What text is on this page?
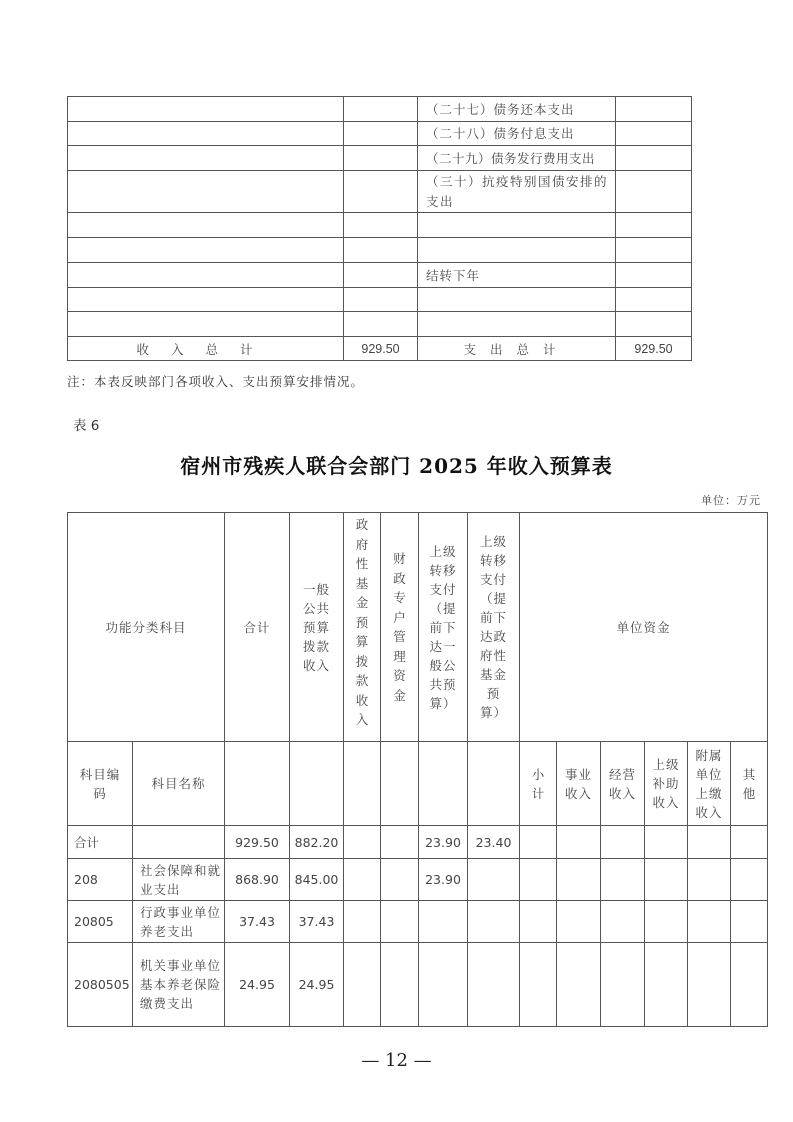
		（二十七）债务还本支出	
		（二十八）债务付息支出	
		（二十九）债务发行费用支出	
		（三十）抗疫特别国债安排的支出	

		结转下年	

收入总计	929.50	支出总计	929.50
注：本表反映部门各项收入、支出预算安排情况。
表 6
宿州市残疾人联合会部门 2025 年收入预算表
单位：万元
功能分类科目		合计	一般公共预算拨款收入	政府性基金预算拨款收入	财政专户管理资金	上级转移支付（提前下达一般公共预算）	上级转移支付（提前下达政府性基金预算）	单位资金					

科目编码	科目名称							小计	事业收入	经营收入	上级补助收入	附属单位上缴收入	其他

合计		929.50	882.20			23.90	23.40						
208	社会保障和就业支出	868.90	845.00			23.90							
20805	行政事业单位养老支出	37.43	37.43										
2080505	机关事业单位基本养老保险缴费支出	24.95	24.95										
— 12 —
